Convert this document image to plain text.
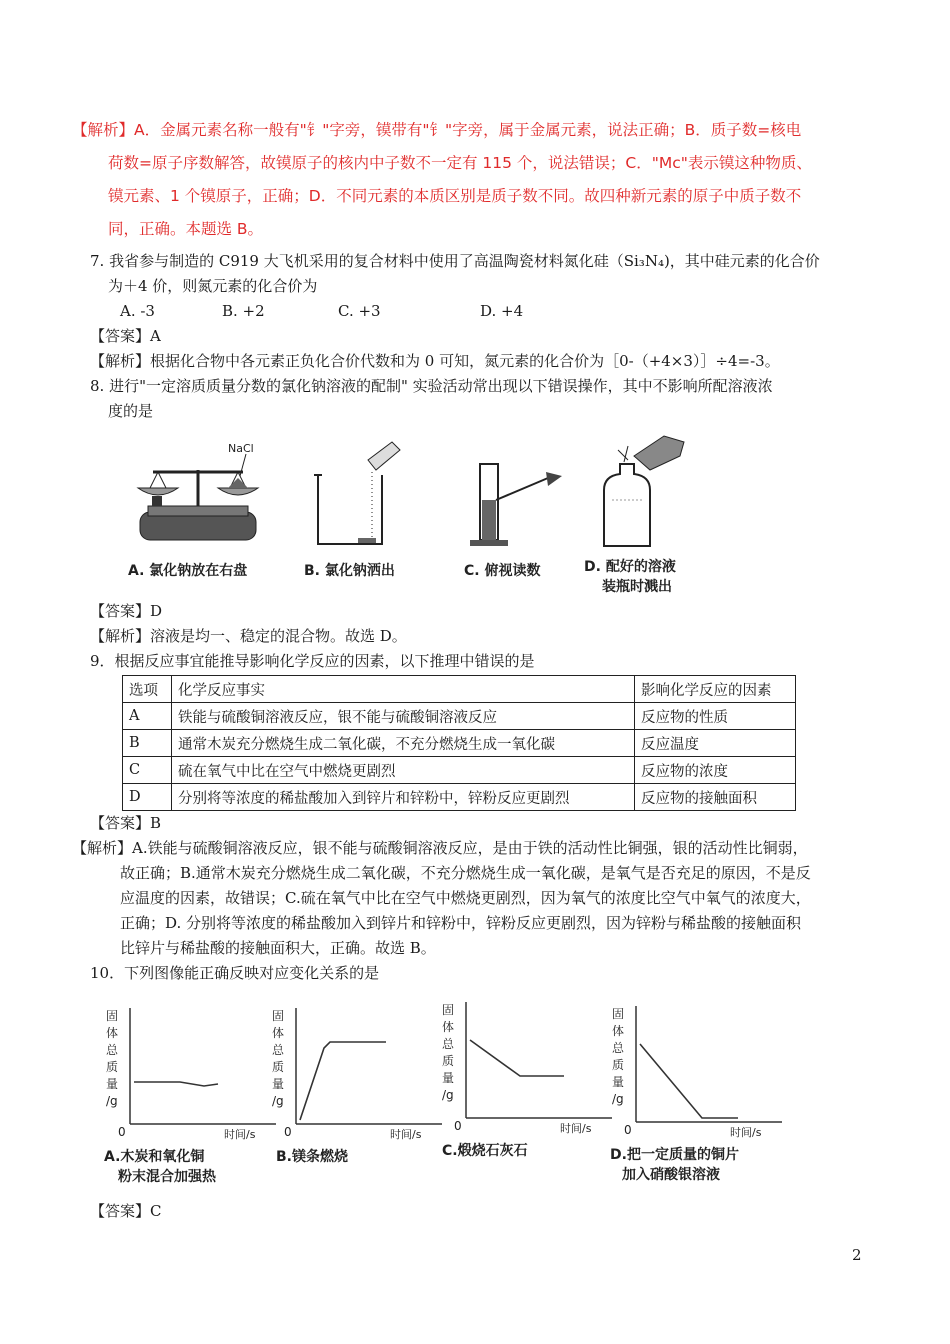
【解析】A．金属元素名称一般有"钅"字旁，镆带有"钅"字旁，属于金属元素，说法正确；B．质子数=核电
荷数=原子序数解答，故镆原子的核内中子数不一定有 115 个，说法错误；C．"Mc"表示镆这种物质、
镆元素、1 个镆原子，正确；D．不同元素的本质区别是质子数不同。故四种新元素的原子中质子数不
同，正确。本题选 B。
7. 我省参与制造的 C919 大飞机采用的复合材料中使用了高温陶瓷材料氮化硅（Si₃N₄)，其中硅元素的化合价
为＋4 价，则氮元素的化合价为
A. -3	B. +2	C. +3	D. +4
【答案】A
【解析】根据化合物中各元素正负化合价代数和为 0 可知，氮元素的化合价为［0-（+4×3）］÷4=-3。
8. 进行"一定溶质质量分数的氯化钠溶液的配制" 实验活动常出现以下错误操作，其中不影响所配溶液浓
度的是
NaCl
A. 氯化钠放在右盘	B. 氯化钠洒出	C. 俯视读数	D. 配好的溶液
装瓶时溅出
【答案】D
【解析】溶液是均一、稳定的混合物。故选 D。
9．根据反应事宜能推导影响化学反应的因素，以下推理中错误的是
选项	化学反应事实	影响化学反应的因素
A	铁能与硫酸铜溶液反应，银不能与硫酸铜溶液反应	反应物的性质
B	通常木炭充分燃烧生成二氧化碳，不充分燃烧生成一氧化碳	反应温度
C	硫在氧气中比在空气中燃烧更剧烈	反应物的浓度
D	分别将等浓度的稀盐酸加入到锌片和锌粉中，锌粉反应更剧烈	反应物的接触面积
【答案】B
【解析】A.铁能与硫酸铜溶液反应，银不能与硫酸铜溶液反应，是由于铁的活动性比铜强，银的活动性比铜弱，
故正确；B.通常木炭充分燃烧生成二氧化碳，不充分燃烧生成一氧化碳，是氧气是否充足的原因，不是反
应温度的因素，故错误；C.硫在氧气中比在空气中燃烧更剧烈，因为氧气的浓度比空气中氧气的浓度大，
正确；D. 分别将等浓度的稀盐酸加入到锌片和锌粉中，锌粉反应更剧烈，因为锌粉与稀盐酸的接触面积
比锌片与稀盐酸的接触面积大，正确。故选 B。
10．下列图像能正确反映对应变化关系的是
固
体
总
质
量
/g
0	时间/s
A.木炭和氧化铜
粉末混合加强热
固
体
总
质
量
/g
0	时间/s
B.镁条燃烧
固
体
总
质
量
/g
0	时间/s
C.煅烧石灰石
固
体
总
质
量
/g
0	时间/s
D.把一定质量的铜片
加入硝酸银溶液
【答案】C
2
